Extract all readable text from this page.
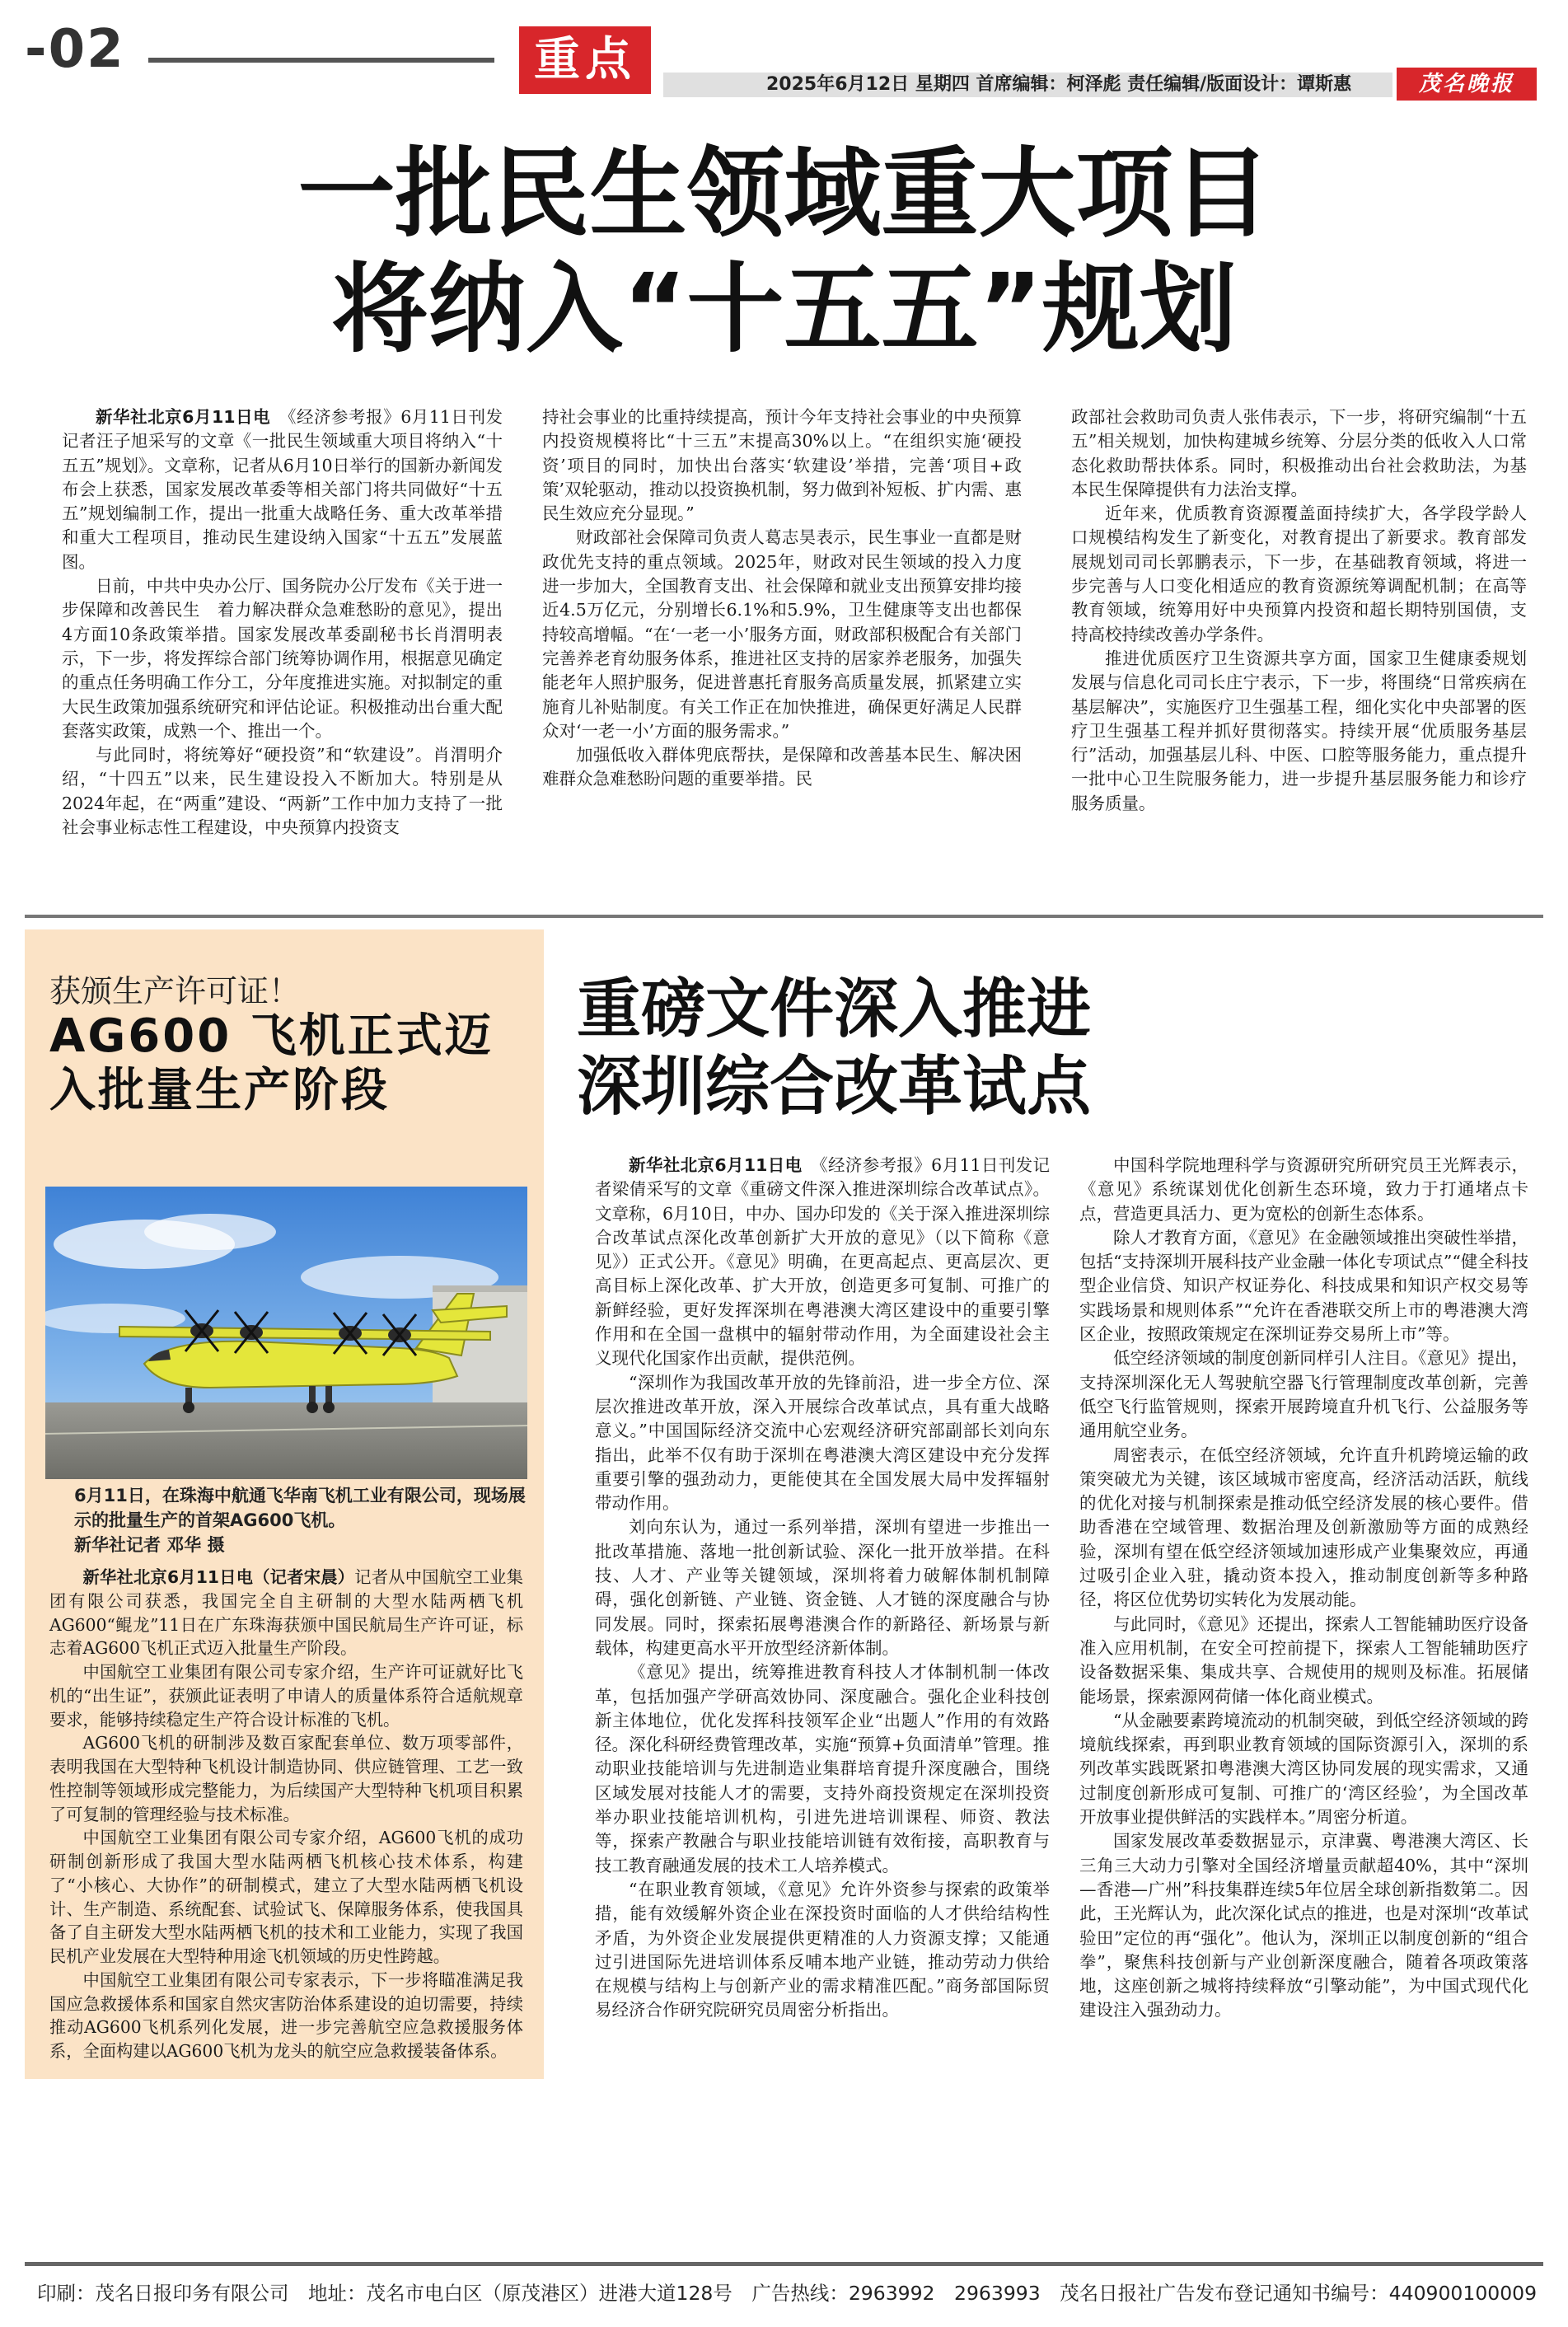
-02	重点	2025年6月12日 星期四 首席编辑：柯泽彪 责任编辑/版面设计：谭斯惠	茂名晚报
一批民生领域重大项目
将纳入“十五五”规划

新华社北京6月11日电　 《经济参考报》6月11日刊发记者汪子旭采写的文章《一批民生领域重大项目将纳入“十五五”规划》。文章称，记者从6月10日举行的国新办新闻发布会上获悉，国家发展改革委等相关部门将共同做好“十五五”规划编制工作，提出一批重大战略任务、重大改革举措和重大工程项目，推动民生建设纳入国家“十五五”发展蓝图。

日前，中共中央办公厅、国务院办公厅发布《关于进一步保障和改善民生　着力解决群众急难愁盼的意见》，提出4方面10条政策举措。国家发展改革委副秘书长肖渭明表示，下一步，将发挥综合部门统筹协调作用，根据意见确定的重点任务明确工作分工，分年度推进实施。对拟制定的重大民生政策加强系统研究和评估论证。积极推动出台重大配套落实政策，成熟一个、推出一个。

与此同时，将统筹好“硬投资”和“软建设”。肖渭明介绍，“十四五”以来，民生建设投入不断加大。特别是从2024年起，在“两重”建设、“两新”工作中加力支持了一批社会事业标志性工程建设，中央预算内投资支

持社会事业的比重持续提高，预计今年支持社会事业的中央预算内投资规模将比“十三五”末提高30%以上。“在组织实施‘硬投资’项目的同时，加快出台落实‘软建设’举措，完善‘项目+政策’双轮驱动，推动以投资换机制，努力做到补短板、扩内需、惠民生效应充分显现。”

财政部社会保障司负责人葛志昊表示，民生事业一直都是财政优先支持的重点领域。2025年，财政对民生领域的投入力度进一步加大，全国教育支出、社会保障和就业支出预算安排均接近4.5万亿元，分别增长6.1%和5.9%，卫生健康等支出也都保持较高增幅。“在‘一老一小’服务方面，财政部积极配合有关部门完善养老育幼服务体系，推进社区支持的居家养老服务，加强失能老年人照护服务，促进普惠托育服务高质量发展，抓紧建立实施育儿补贴制度。有关工作正在加快推进，确保更好满足人民群众对‘一老一小’方面的服务需求。”

加强低收入群体兜底帮扶，是保障和改善基本民生、解决困难群众急难愁盼问题的重要举措。民

政部社会救助司负责人张伟表示，下一步，将研究编制“十五五”相关规划，加快构建城乡统筹、分层分类的低收入人口常态化救助帮扶体系。同时，积极推动出台社会救助法，为基本民生保障提供有力法治支撑。

近年来，优质教育资源覆盖面持续扩大，各学段学龄人口规模结构发生了新变化，对教育提出了新要求。教育部发展规划司司长郭鹏表示，下一步，在基础教育领域，将进一步完善与人口变化相适应的教育资源统筹调配机制；在高等教育领域，统筹用好中央预算内投资和超长期特别国债，支持高校持续改善办学条件。

推进优质医疗卫生资源共享方面，国家卫生健康委规划发展与信息化司司长庄宁表示，下一步，将围绕“日常疾病在基层解决”，实施医疗卫生强基工程，细化实化中央部署的医疗卫生强基工程并抓好贯彻落实。持续开展“优质服务基层行”活动，加强基层儿科、中医、口腔等服务能力，重点提升一批中心卫生院服务能力，进一步提升基层服务能力和诊疗服务质量。

获颁生产许可证！
AG600 飞机正式迈入批量生产阶段

6月11日，在珠海中航通飞华南飞机工业有限公司，现场展示的批量生产的首架AG600飞机。

新华社记者 邓华 摄

新华社北京6月11日电（记者宋晨）记者从中国航空工业集团有限公司获悉，我国完全自主研制的大型水陆两栖飞机AG600“鲲龙”11日在广东珠海获颁中国民航局生产许可证，标志着AG600飞机正式迈入批量生产阶段。

中国航空工业集团有限公司专家介绍，生产许可证就好比飞机的“出生证”，获颁此证表明了申请人的质量体系符合适航规章要求，能够持续稳定生产符合设计标准的飞机。

AG600飞机的研制涉及数百家配套单位、数万项零部件，表明我国在大型特种飞机设计制造协同、供应链管理、工艺一致性控制等领域形成完整能力，为后续国产大型特种飞机项目积累了可复制的管理经验与技术标准。

中国航空工业集团有限公司专家介绍，AG600飞机的成功研制创新形成了我国大型水陆两栖飞机核心技术体系，构建了“小核心、大协作”的研制模式，建立了大型水陆两栖飞机设计、生产制造、系统配套、试验试飞、保障服务体系，使我国具备了自主研发大型水陆两栖飞机的技术和工业能力，实现了我国民机产业发展在大型特种用途飞机领域的历史性跨越。

中国航空工业集团有限公司专家表示，下一步将瞄准满足我国应急救援体系和国家自然灾害防治体系建设的迫切需要，持续推动AG600飞机系列化发展，进一步完善航空应急救援服务体系，全面构建以AG600飞机为龙头的航空应急救援装备体系。

重磅文件深入推进
深圳综合改革试点

新华社北京6月11日电　 《经济参考报》6月11日刊发记者梁倩采写的文章《重磅文件深入推进深圳综合改革试点》。文章称，6月10日，中办、国办印发的《关于深入推进深圳综合改革试点深化改革创新扩大开放的意见》（以下简称《意见》）正式公开。《意见》明确，在更高起点、更高层次、更高目标上深化改革、扩大开放，创造更多可复制、可推广的新鲜经验，更好发挥深圳在粤港澳大湾区建设中的重要引擎作用和在全国一盘棋中的辐射带动作用，为全面建设社会主义现代化国家作出贡献，提供范例。

“深圳作为我国改革开放的先锋前沿，进一步全方位、深层次推进改革开放，深入开展综合改革试点，具有重大战略意义。”中国国际经济交流中心宏观经济研究部副部长刘向东指出，此举不仅有助于深圳在粤港澳大湾区建设中充分发挥重要引擎的强劲动力，更能使其在全国发展大局中发挥辐射带动作用。

刘向东认为，通过一系列举措，深圳有望进一步推出一批改革措施、落地一批创新试验、深化一批开放举措。在科技、人才、产业等关键领域，深圳将着力破解体制机制障碍，强化创新链、产业链、资金链、人才链的深度融合与协同发展。同时，探索拓展粤港澳合作的新路径、新场景与新载体，构建更高水平开放型经济新体制。

《意见》提出，统筹推进教育科技人才体制机制一体改革，包括加强产学研高效协同、深度融合。强化企业科技创新主体地位，优化发挥科技领军企业“出题人”作用的有效路径。深化科研经费管理改革，实施“预算+负面清单”管理。推动职业技能培训与先进制造业集群培育提升深度融合，围绕区域发展对技能人才的需要，支持外商投资规定在深圳投资举办职业技能培训机构，引进先进培训课程、师资、教法等，探索产教融合与职业技能培训链有效衔接，高职教育与技工教育融通发展的技术工人培养模式。

“在职业教育领域，《意见》允许外资参与探索的政策举措，能有效缓解外资企业在深投资时面临的人才供给结构性矛盾，为外资企业发展提供更精准的人力资源支撑；又能通过引进国际先进培训体系反哺本地产业链，推动劳动力供给在规模与结构上与创新产业的需求精准匹配。”商务部国际贸易经济合作研究院研究员周密分析指出。

中国科学院地理科学与资源研究所研究员王光辉表示，《意见》系统谋划优化创新生态环境，致力于打通堵点卡点，营造更具活力、更为宽松的创新生态体系。

除人才教育方面，《意见》在金融领域推出突破性举措，包括“支持深圳开展科技产业金融一体化专项试点”“健全科技型企业信贷、知识产权证券化、科技成果和知识产权交易等实践场景和规则体系”“允许在香港联交所上市的粤港澳大湾区企业，按照政策规定在深圳证券交易所上市”等。

低空经济领域的制度创新同样引人注目。《意见》提出，支持深圳深化无人驾驶航空器飞行管理制度改革创新，完善低空飞行监管规则，探索开展跨境直升机飞行、公益服务等通用航空业务。

周密表示，在低空经济领域，允许直升机跨境运输的政策突破尤为关键，该区域城市密度高，经济活动活跃，航线的优化对接与机制探索是推动低空经济发展的核心要件。借助香港在空域管理、数据治理及创新激励等方面的成熟经验，深圳有望在低空经济领域加速形成产业集聚效应，再通过吸引企业入驻，撬动资本投入，推动制度创新等多种路径，将区位优势切实转化为发展动能。

与此同时，《意见》还提出，探索人工智能辅助医疗设备准入应用机制，在安全可控前提下，探索人工智能辅助医疗设备数据采集、集成共享、合规使用的规则及标准。拓展储能场景，探索源网荷储一体化商业模式。

“从金融要素跨境流动的机制突破，到低空经济领域的跨境航线探索，再到职业教育领域的国际资源引入，深圳的系列改革实践既紧扣粤港澳大湾区协同发展的现实需求，又通过制度创新形成可复制、可推广的‘湾区经验’，为全国改革开放事业提供鲜活的实践样本。”周密分析道。

国家发展改革委数据显示，京津冀、粤港澳大湾区、长三角三大动力引擎对全国经济增量贡献超40%，其中“深圳—香港—广州”科技集群连续5年位居全球创新指数第二。因此，王光辉认为，此次深化试点的推进，也是对深圳“改革试验田”定位的再“强化”。他认为，深圳正以制度创新的“组合拳”，聚焦科技创新与产业创新深度融合，随着各项政策落地，这座创新之城将持续释放“引擎动能”，为中国式现代化建设注入强劲动力。

印刷：茂名日报印务有限公司　地址：茂名市电白区（原茂港区）进港大道128号　广告热线：2963992　2963993　茂名日报社广告发布登记通知书编号：440900100009
